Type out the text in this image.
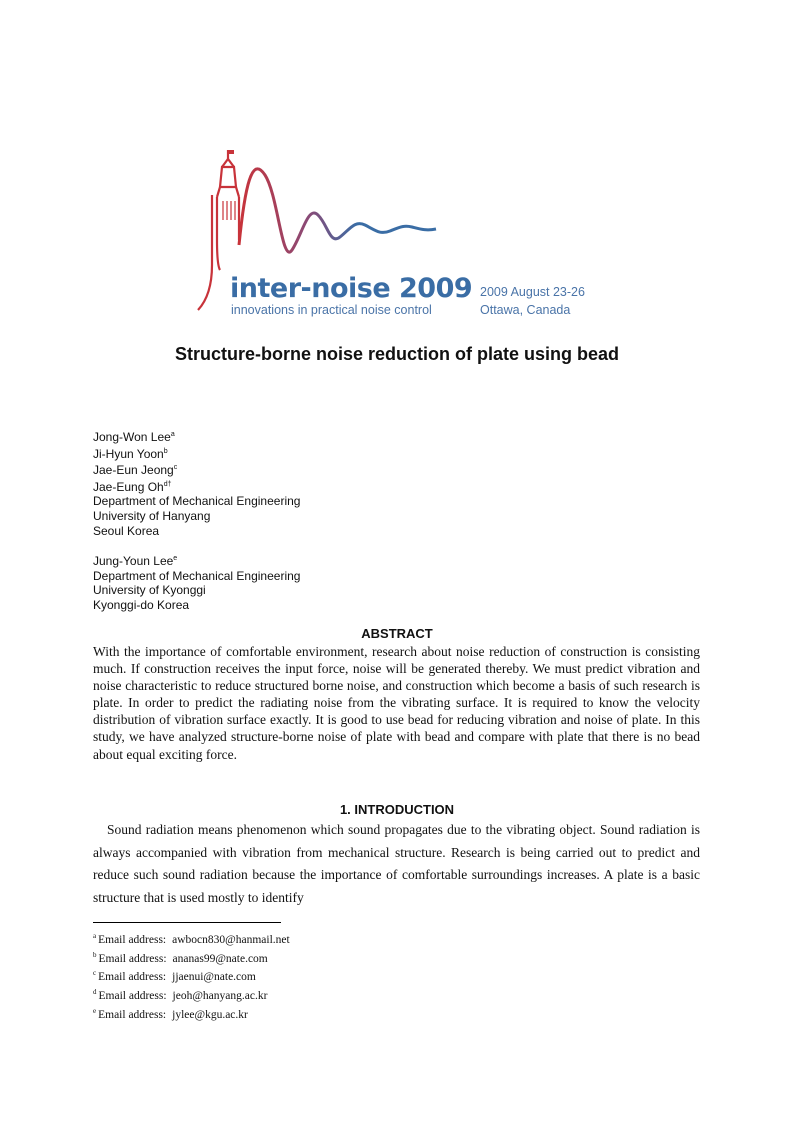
inter-noise 2009
innovations in practical noise control
2009 August 23-26
Ottawa, Canada
Structure-borne noise reduction of plate using bead
Jong-Won Lee$^a$
Ji-Hyun Yoon$^b$
Jae-Eun Jeong$^c$
Jae-Eung $Oh^{d\dagger}$
Department of Mechanical Engineering
University of Hanyang
Seoul Korea
Jung-Youn Lee$^e$
Department of Mechanical Engineering
University of Kyonggi
Kyonggi-do Korea
ABSTRACT
With the importance of comfortable environment, research about noise reduction of construction is consisting much. If construction receives the input force, noise will be generated thereby. We must predict vibration and noise characteristic to reduce structured borne noise, and construction which become a basis of such research is plate. In order to predict the radiating noise from the vibrating surface. It is required to know the velocity distribution of vibration surface exactly. It is good to use bead for reducing vibration and noise of plate. In this study, we have analyzed structure-borne noise of plate with bead and compare with plate that there is no bead about equal exciting force.
1. INTRODUCTION
Sound radiation means phenomenon which sound propagates due to the vibrating object. Sound radiation is always accompanied with vibration from mechanical structure. Research is being carried out to predict and reduce such sound radiation because the importance of comfortable surroundings increases. A plate is a basic structure that is used mostly to identify
$^a$ Email address: awbocn830@hanmail.net
$^b$ Email address: ananas99@nate.com
$^c$ Email address: jjaenui@nate.com
$^d$ Email address: jeoh@hanyang.ac.kr
$^e$ Email address: jylee@kgu.ac.kr
